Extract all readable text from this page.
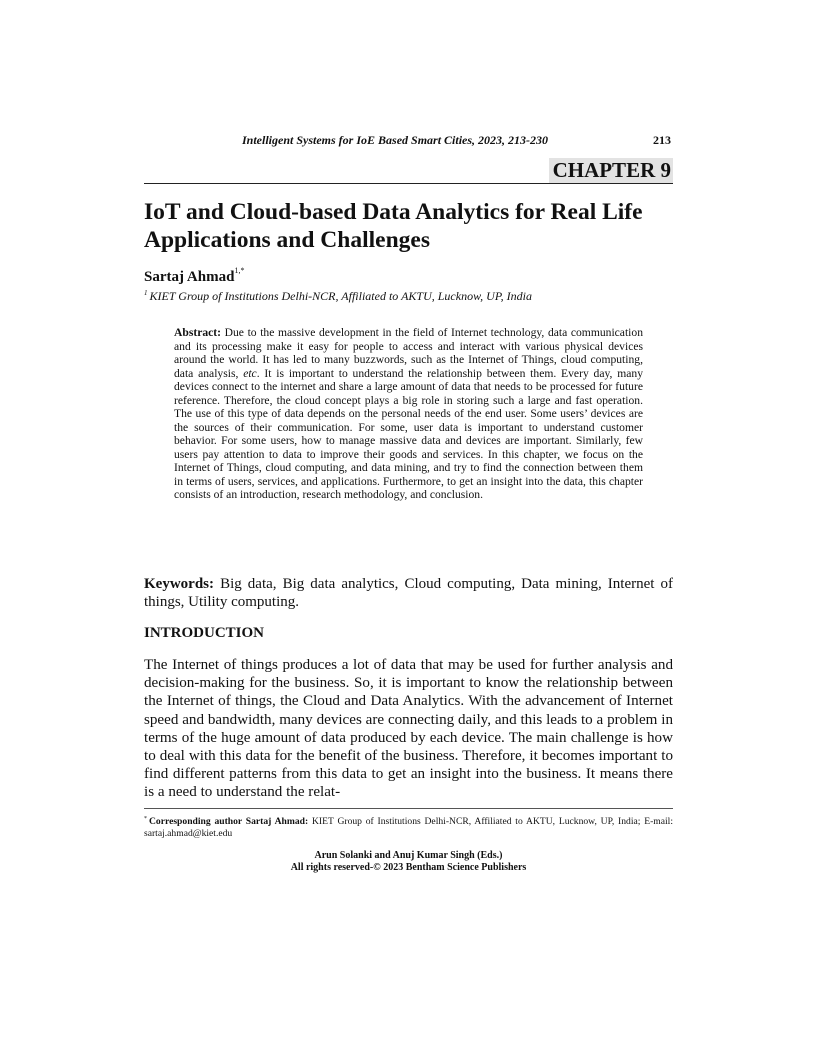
Intelligent Systems for IoE Based Smart Cities, 2023, 213-230	213
CHAPTER 9
IoT and Cloud-based Data Analytics for Real Life Applications and Challenges
Sartaj Ahmad$^{1,*}$
$^1$ KIET Group of Institutions Delhi-NCR, Affiliated to AKTU, Lucknow, UP, India

Abstract: Due to the massive development in the field of Internet technology, data communication and its processing make it easy for people to access and interact with various physical devices around the world. It has led to many buzzwords, such as the Internet of Things, cloud computing, data analysis, etc. It is important to understand the relationship between them. Every day, many devices connect to the internet and share a large amount of data that needs to be processed for future reference. Therefore, the cloud concept plays a big role in storing such a large and fast operation. The use of this type of data depends on the personal needs of the end user. Some users’ devices are the sources of their communication. For some, user data is important to understand customer behavior. For some users, how to manage massive data and devices are important. Similarly, few users pay attention to data to improve their goods and services. In this chapter, we focus on the Internet of Things, cloud computing, and data mining, and try to find the connection between them in terms of users, services, and applications. Furthermore, to get an insight into the data, this chapter consists of an introduction, research methodology, and conclusion.

Keywords: Big data, Big data analytics, Cloud computing, Data mining, Internet of things, Utility computing.

INTRODUCTION

The Internet of things produces a lot of data that may be used for further analysis and decision-making for the business. So, it is important to know the relationship between the Internet of things, the Cloud and Data Analytics. With the advancement of Internet speed and bandwidth, many devices are connecting daily, and this leads to a problem in terms of the huge amount of data produced by each device. The main challenge is how to deal with this data for the benefit of the business. Therefore, it becomes important to find different patterns from this data to get an insight into the business. It means there is a need to understand the relat-

* Corresponding author Sartaj Ahmad: KIET Group of Institutions Delhi-NCR, Affiliated to AKTU, Lucknow, UP, India; E-mail: sartaj.ahmad@kiet.edu

Arun Solanki and Anuj Kumar Singh (Eds.)
All rights reserved-© 2023 Bentham Science Publishers
